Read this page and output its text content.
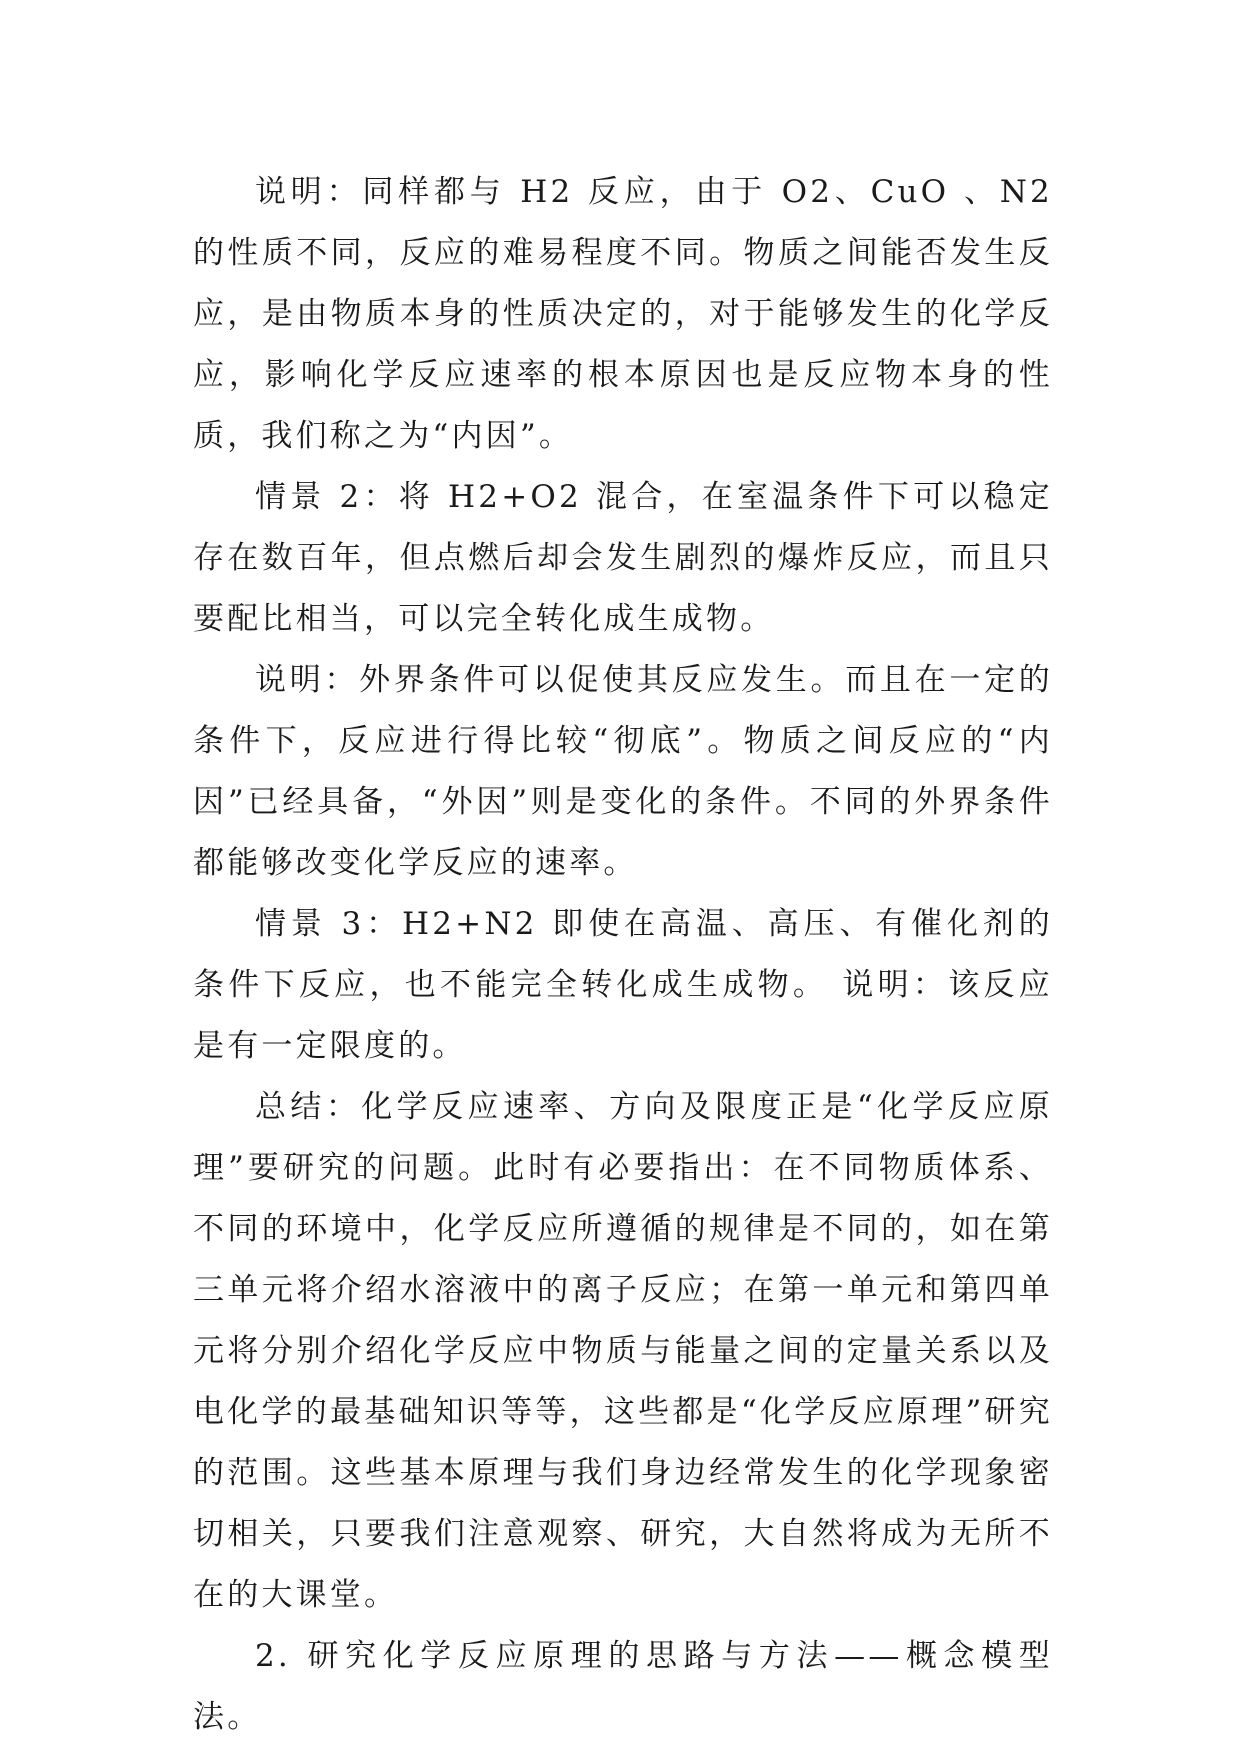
说明：同样都与 H2 反应，由于 O2、CuO 、N2 的性质不同，反应的难易程度不同。物质之间能否发生反应，是由物质本身的性质决定的，对于能够发生的化学反应，影响化学反应速率的根本原因也是反应物本身的性质，我们称之为“内因”。

情景 2：将 H2+O2 混合，在室温条件下可以稳定存在数百年，但点燃后却会发生剧烈的爆炸反应，而且只要配比相当，可以完全转化成生成物。

说明：外界条件可以促使其反应发生。而且在一定的条件下，反应进行得比较“彻底”。物质之间反应的“内因”已经具备，“外因”则是变化的条件。不同的外界条件都能够改变化学反应的速率。

情景 3：H2+N2 即使在高温、高压、有催化剂的条件下反应，也不能完全转化成生成物。 说明：该反应是有一定限度的。

总结：化学反应速率、方向及限度正是“化学反应原理”要研究的问题。此时有必要指出：在不同物质体系、不同的环境中，化学反应所遵循的规律是不同的，如在第三单元将介绍水溶液中的离子反应；在第一单元和第四单元将分别介绍化学反应中物质与能量之间的定量关系以及电化学的最基础知识等等，这些都是“化学反应原理”研究的范围。这些基本原理与我们身边经常发生的化学现象密切相关，只要我们注意观察、研究，大自然将成为无所不在的大课堂。

2. 研究化学反应原理的思路与方法——概念模型法。
